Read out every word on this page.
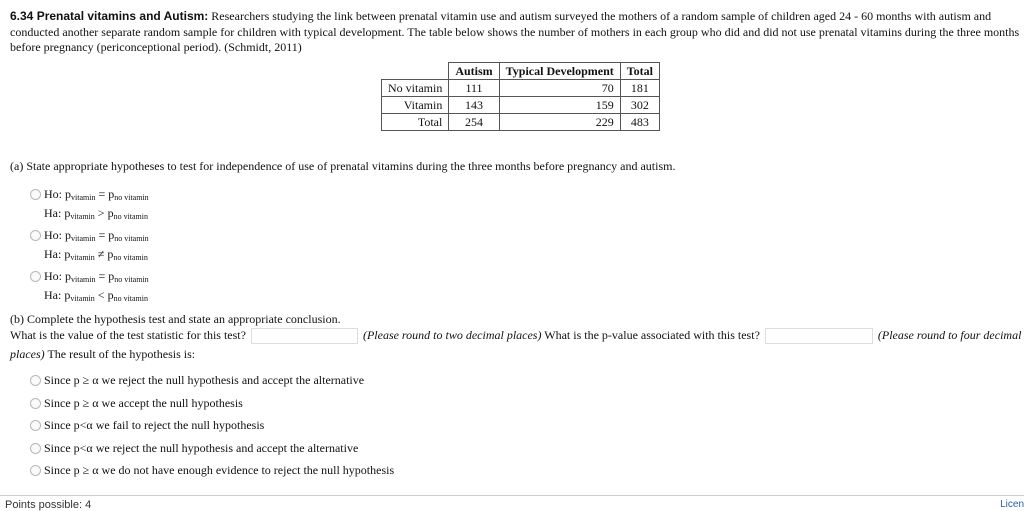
6.34 Prenatal vitamins and Autism: Researchers studying the link between prenatal vitamin use and autism surveyed the mothers of a random sample of children aged 24 - 60 months with autism and conducted another separate random sample for children with typical development. The table below shows the number of mothers in each group who did and did not use prenatal vitamins during the three months before pregnancy (periconceptional period). (Schmidt, 2011)
	Autism	Typical Development	Total
No vitamin	111	70	181
Vitamin	143	159	302
Total	254	229	483
(a) State appropriate hypotheses to test for independence of use of prenatal vitamins during the three months before pregnancy and autism.
Ho: $p_{vitamin} = p_{no vitamin}$
Ha: $p_{vitamin} > p_{no vitamin}$
Ho: $p_{vitamin} = p_{no vitamin}$
Ha: $p_{vitamin} \ne p_{no vitamin}$
Ho: $p_{vitamin} = p_{no vitamin}$
Ha: $p_{vitamin} < p_{no vitamin}$
(b) Complete the hypothesis test and state an appropriate conclusion.
What is the value of the test statistic for this test?	(Please round to two decimal places) What is the p-value associated with this test?	(Please round to four decimal
places) The result of the hypothesis is:
Since p ≥ α we reject the null hypothesis and accept the alternative
Since p ≥ α we accept the null hypothesis
Since p<α we fail to reject the null hypothesis
Since p<α we reject the null hypothesis and accept the alternative
Since p ≥ α we do not have enough evidence to reject the null hypothesis
Points possible: 4	Licen
